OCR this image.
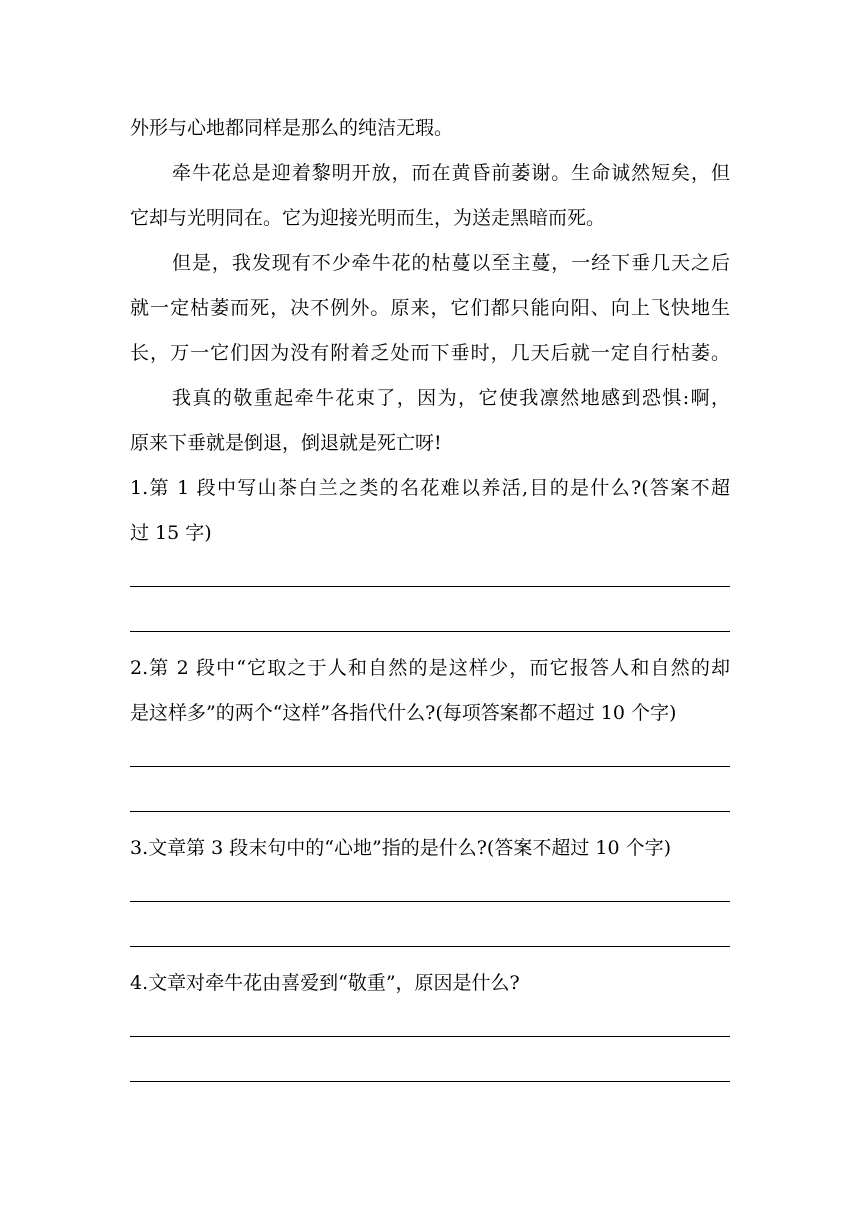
外形与心地都同样是那么的纯洁无瑕。
牵牛花总是迎着黎明开放，而在黄昏前萎谢。生命诚然短矣，但
它却与光明同在。它为迎接光明而生，为送走黑暗而死。
但是，我发现有不少牵牛花的枯蔓以至主蔓，一经下垂几天之后
就一定枯萎而死，决不例外。原来，它们都只能向阳、向上飞快地生
长，万一它们因为没有附着乏处而下垂时，几天后就一定自行枯萎。
我真的敬重起牵牛花束了，因为，它使我凛然地感到恐惧:啊，
原来下垂就是倒退，倒退就是死亡呀!
1.第 1 段中写山茶白兰之类的名花难以养活,目的是什么?(答案不超
过 15 字)
2.第 2 段中“它取之于人和自然的是这样少，而它报答人和自然的却
是这样多”的两个“这样”各指代什么?(每项答案都不超过 10 个字)
3.文章第 3 段末句中的“心地”指的是什么?(答案不超过 10 个字)
4.文章对牵牛花由喜爱到“敬重”，原因是什么?
